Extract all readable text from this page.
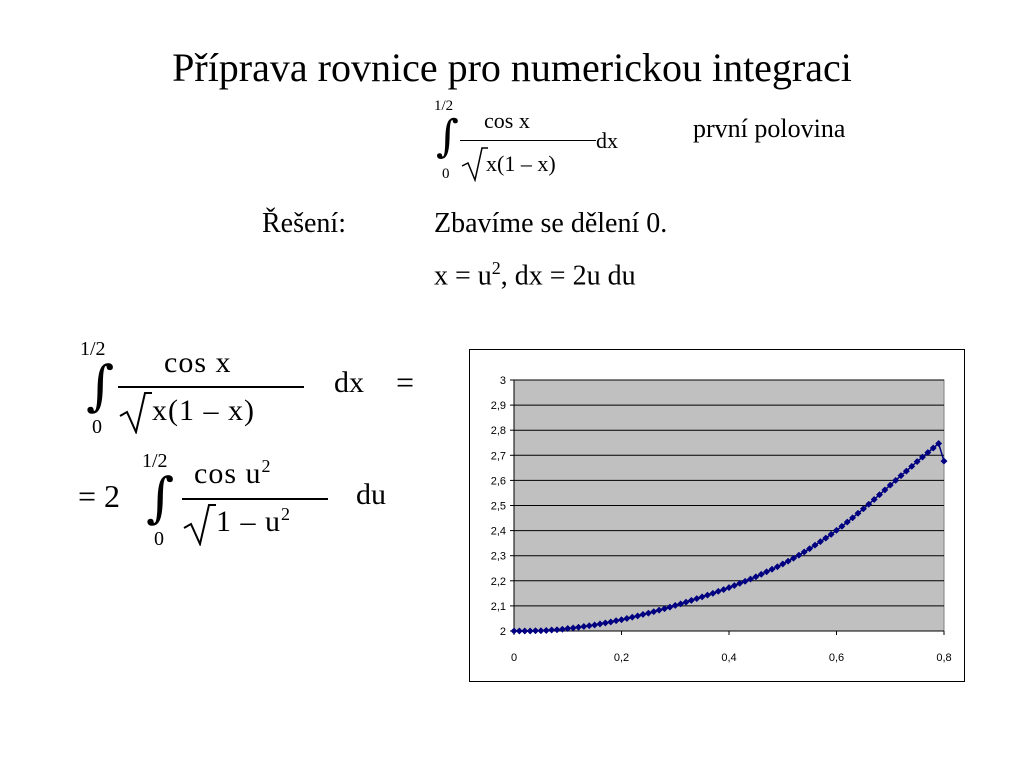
Příprava rovnice pro numerickou integraci
1/2
∫
0
cos x
x(1 – x)
dx	první polovina
Řešení:	Zbavíme se dělení 0.
$x = u^2$, dx = 2u du
1/2
∫
0
cos x
x(1 – x)
dx =
= 2
1/2
∫
0
$\cos u^2$
$1 - u^2$
du
2
2,1
2,2
2,3
2,4
2,5
2,6
2,7
2,8
2,9
3
0	0,2	0,4	0,6	0,8
